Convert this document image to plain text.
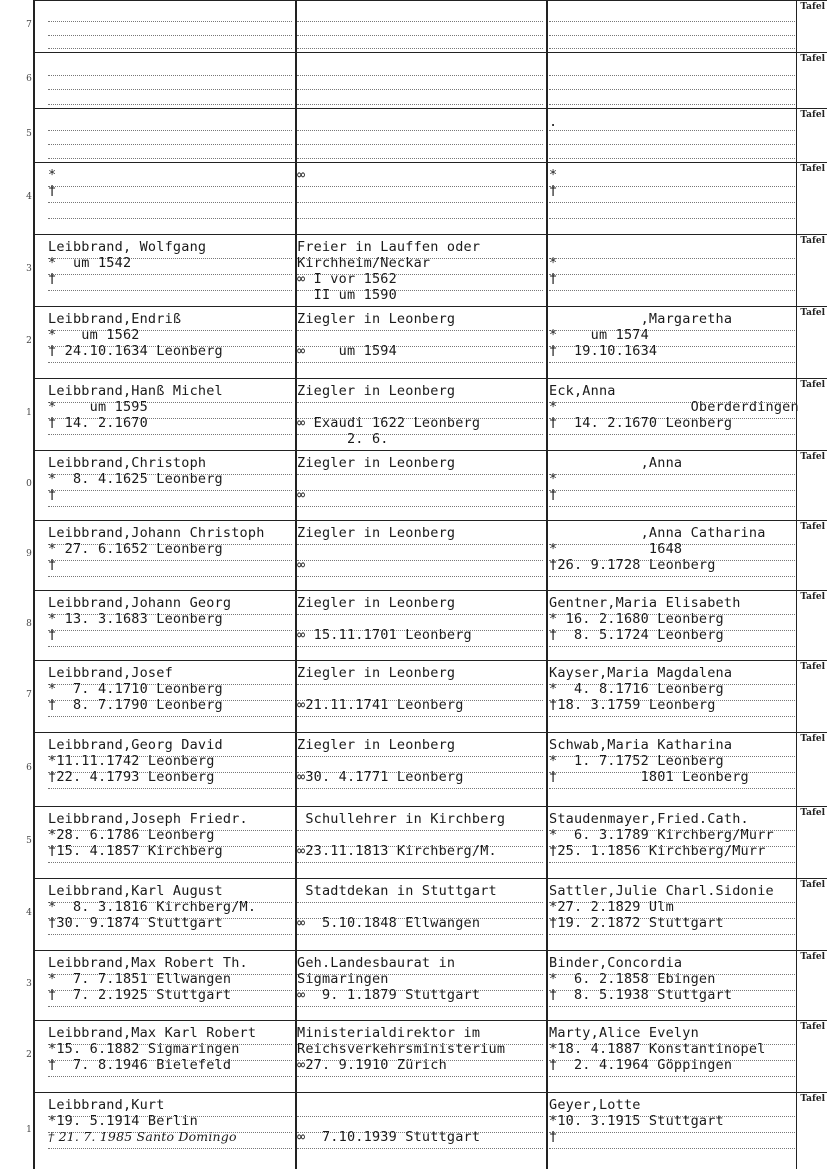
7
Tafel
6
Tafel
5
Tafel
.
4
Tafel
*
†
∞	*
†
3
Tafel
Leibbrand, Wolfgang
*  um 1542
†
Freier in Lauffen oder
Kirchheim/Neckar
∞ I vor 1562
II um 1590
*
†
2
Tafel
Leibbrand,Endriß
*   um 1562
† 24.10.1634 Leonberg
Ziegler in Leonberg
∞    um 1594
,Margaretha
*    um 1574
†  19.10.1634
1
Tafel
Leibbrand,Hanß Michel
*    um 1595
† 14. 2.1670
Ziegler in Leonberg
∞ Exaudi 1622 Leonberg
2. 6.
Eck,Anna
*                Oberderdingen
†  14. 2.1670 Leonberg
0
Tafel
Leibbrand,Christoph
*  8. 4.1625 Leonberg
†
Ziegler in Leonberg
∞
,Anna
*
†
9
Tafel
Leibbrand,Johann Christoph
* 27. 6.1652 Leonberg
†
Ziegler in Leonberg
∞
,Anna Catharina
*           1648
†26. 9.1728 Leonberg
8
Tafel
Leibbrand,Johann Georg
* 13. 3.1683 Leonberg
†
Ziegler in Leonberg
∞ 15.11.1701 Leonberg
Gentner,Maria Elisabeth
* 16. 2.1680 Leonberg
†  8. 5.1724 Leonberg
7
Tafel
Leibbrand,Josef
*  7. 4.1710 Leonberg
†  8. 7.1790 Leonberg
Ziegler in Leonberg
∞21.11.1741 Leonberg
Kayser,Maria Magdalena
*  4. 8.1716 Leonberg
†18. 3.1759 Leonberg
6
Tafel
Leibbrand,Georg David
*11.11.1742 Leonberg
†22. 4.1793 Leonberg
Ziegler in Leonberg
∞30. 4.1771 Leonberg
Schwab,Maria Katharina
*  1. 7.1752 Leonberg
†          1801 Leonberg
5
Tafel
Leibbrand,Joseph Friedr.
*28. 6.1786 Leonberg
†15. 4.1857 Kirchberg
Schullehrer in Kirchberg
∞23.11.1813 Kirchberg/M.
Staudenmayer,Fried.Cath.
*  6. 3.1789 Kirchberg/Murr
†25. 1.1856 Kirchberg/Murr
4
Tafel
Leibbrand,Karl August
*  8. 3.1816 Kirchberg/M.
†30. 9.1874 Stuttgart
Stadtdekan in Stuttgart
∞  5.10.1848 Ellwangen
Sattler,Julie Charl.Sidonie
*27. 2.1829 Ulm
†19. 2.1872 Stuttgart
3
Tafel
Leibbrand,Max Robert Th.
*  7. 7.1851 Ellwangen
†  7. 2.1925 Stuttgart
Geh.Landesbaurat in
Sigmaringen
∞  9. 1.1879 Stuttgart
Binder,Concordia
*  6. 2.1858 Ebingen
†  8. 5.1938 Stuttgart
2
Tafel
Leibbrand,Max Karl Robert
*15. 6.1882 Sigmaringen
†  7. 8.1946 Bielefeld
Ministerialdirektor im
Reichsverkehrsministerium
∞27. 9.1910 Zürich
Marty,Alice Evelyn
*18. 4.1887 Konstantinopel
†  2. 4.1964 Göppingen
1
Tafel
Leibbrand,Kurt
*19. 5.1914 Berlin
† 21. 7. 1985 Santo Domingo	∞  7.10.1939 Stuttgart
Geyer,Lotte
*10. 3.1915 Stuttgart
†
